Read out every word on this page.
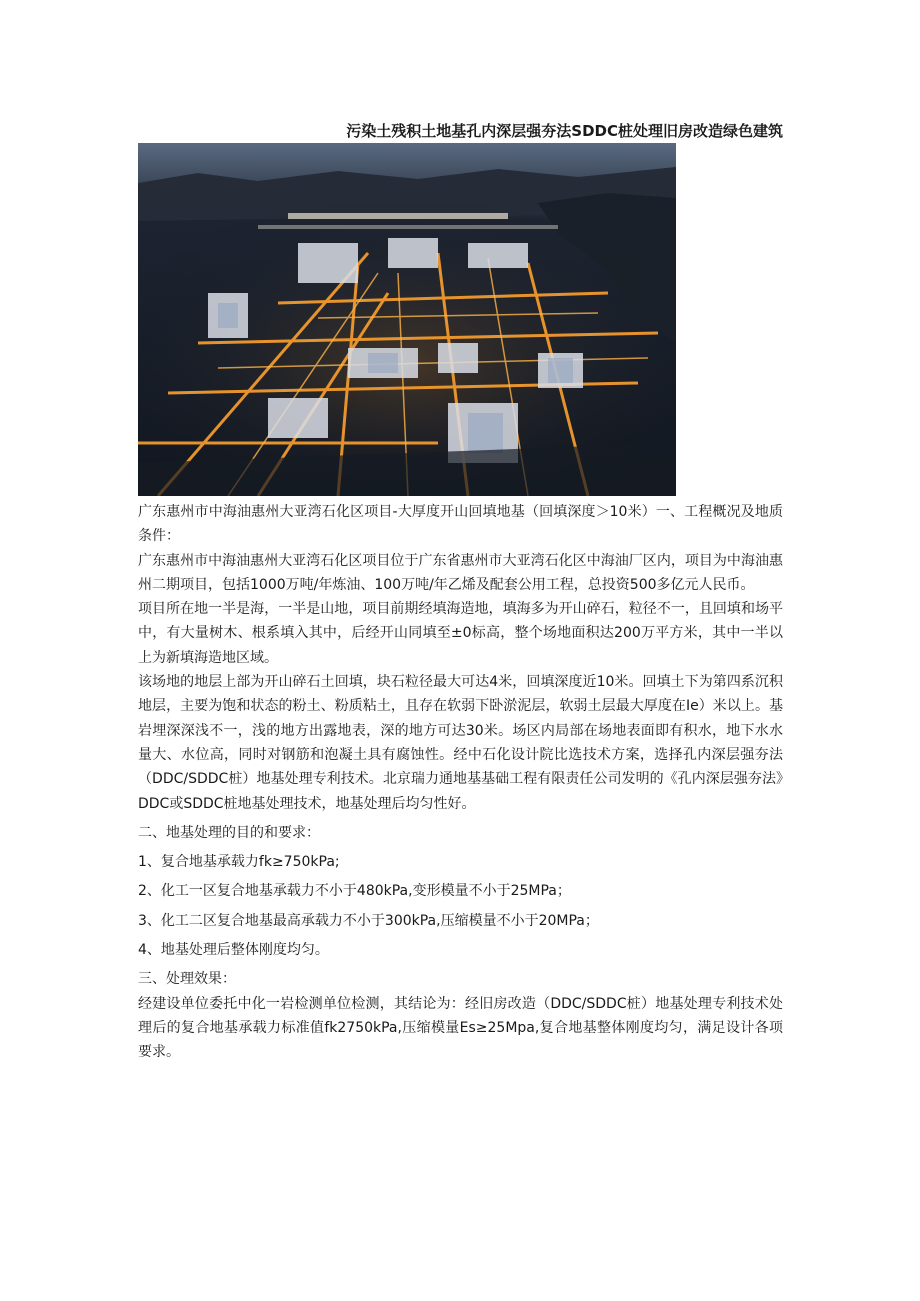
污染土残积土地基孔内深层强夯法SDDC桩处理旧房改造绿色建筑

广东惠州市中海油惠州大亚湾石化区项目-大厚度开山回填地基（回填深度＞10米）一、工程概况及地质条件：

广东惠州市中海油惠州大亚湾石化区项目位于广东省惠州市大亚湾石化区中海油厂区内，项目为中海油惠州二期项目，包括1000万吨/年炼油、100万吨/年乙烯及配套公用工程，总投资500多亿元人民币。

项目所在地一半是海，一半是山地，项目前期经填海造地，填海多为开山碎石，粒径不一，且回填和场平中，有大量树木、根系填入其中，后经开山同填至±0标高，整个场地面积达200万平方米，其中一半以上为新填海造地区域。

该场地的地层上部为开山碎石土回填，块石粒径最大可达4米，回填深度近10米。回填土下为第四系沉积地层，主要为饱和状态的粉土、粉质粘土，且存在软弱下卧淤泥层，软弱土层最大厚度在Ie）米以上。基岩埋深深浅不一，浅的地方出露地表，深的地方可达30米。场区内局部在场地表面即有积水，地下水水量大、水位高，同时对钢筋和泡凝土具有腐蚀性。经中石化设计院比选技术方案，选择孔内深层强夯法（DDC/SDDC桩）地基处理专利技术。北京瑞力通地基基础工程有限责任公司发明的《孔内深层强夯法》DDC或SDDC桩地基处理技术，地基处理后均匀性好。

二、地基处理的目的和要求：

1、复合地基承载力fk≥750kPa;

2、化工一区复合地基承载力不小于480kPa,变形模量不小于25MPa；

3、化工二区复合地基最高承载力不小于300kPa,压缩模量不小于20MPa；

4、地基处理后整体刚度均匀。

三、处理效果：

经建设单位委托中化一岩检测单位检测，其结论为：经旧房改造（DDC/SDDC桩）地基处理专利技术处理后的复合地基承载力标准值fk2750kPa,压缩模量Es≥25Mpa,复合地基整体刚度均匀，满足设计各项要求。
